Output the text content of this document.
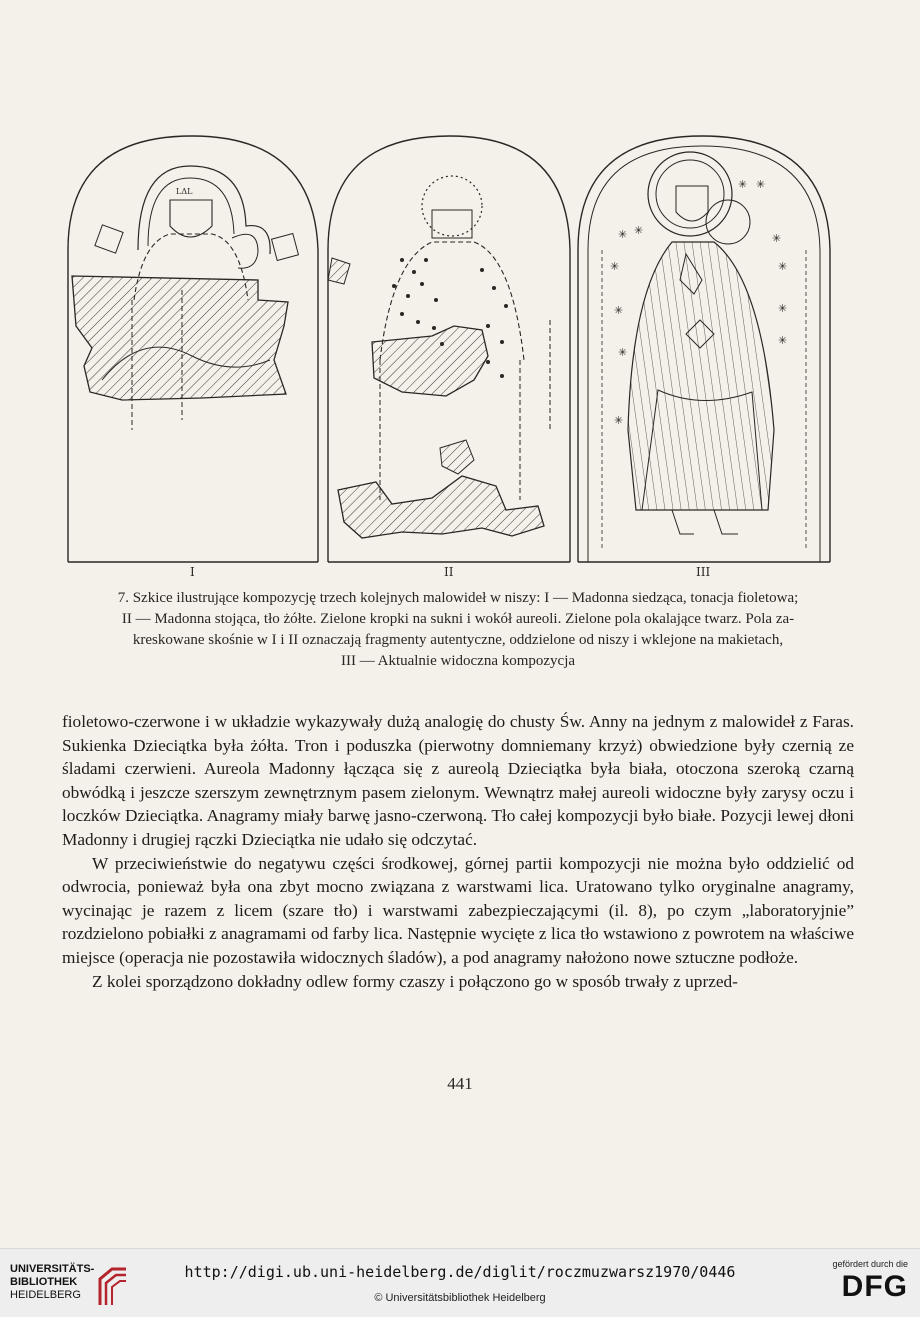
LΔL
I	II
✳ ✳
✳
✳
✳
✳
✳ ✳
✳
✳
✳
✳
III

7. Szkice ilustrujące kompozycję trzech kolejnych malowideł w niszy: I — Madonna siedząca, tonacja fioletowa;

II — Madonna stojąca, tło żółte. Zielone kropki na sukni i wokół aureoli. Zielone pola okalające twarz. Pola za-

kreskowane skośnie w I i II oznaczają fragmenty autentyczne, oddzielone od niszy i wklejone na makietach,

III — Aktualnie widoczna kompozycja

fioletowo-czerwone i w układzie wykazywały dużą analogię do chusty Św. Anny na jednym z malowideł z Faras. Sukienka Dzieciątka była żółta. Tron i poduszka (pierwotny domniemany krzyż) obwiedzione były czernią ze śladami czerwieni. Aureola Madonny łącząca się z aureolą Dzieciątka była biała, otoczona szeroką czarną obwódką i jeszcze szerszym zewnętrznym pasem zielonym. Wewnątrz małej aureoli widoczne były zarysy oczu i loczków Dzieciątka. Anagramy miały barwę jasno-czerwoną. Tło całej kompozycji było białe. Pozycji lewej dłoni Madonny i drugiej rączki Dzieciątka nie udało się odczytać.

W przeciwieństwie do negatywu części środkowej, górnej partii kompozycji nie można było oddzielić od odwrocia, ponieważ była ona zbyt mocno związana z warstwami lica. Uratowano tylko oryginalne anagramy, wycinając je razem z licem (szare tło) i warstwami zabezpieczającymi (il. 8), po czym „laboratoryjnie” rozdzielono pobiałki z anagramami od farby lica. Następnie wycięte z lica tło wstawiono z powrotem na właściwe miejsce (operacja nie pozostawiła widocznych śladów), a pod anagramy nałożono nowe sztuczne podłoże.

Z kolei sporządzono dokładny odlew formy czaszy i połączono go w sposób trwały z uprzed-

441
UNIVERSITÄTS-
BIBLIOTHEK
HEIDELBERG
http://digi.ub.uni-heidelberg.de/diglit/roczmuzwarsz1970/0446
© Universitätsbibliothek Heidelberg
gefördert durch die
DFG
